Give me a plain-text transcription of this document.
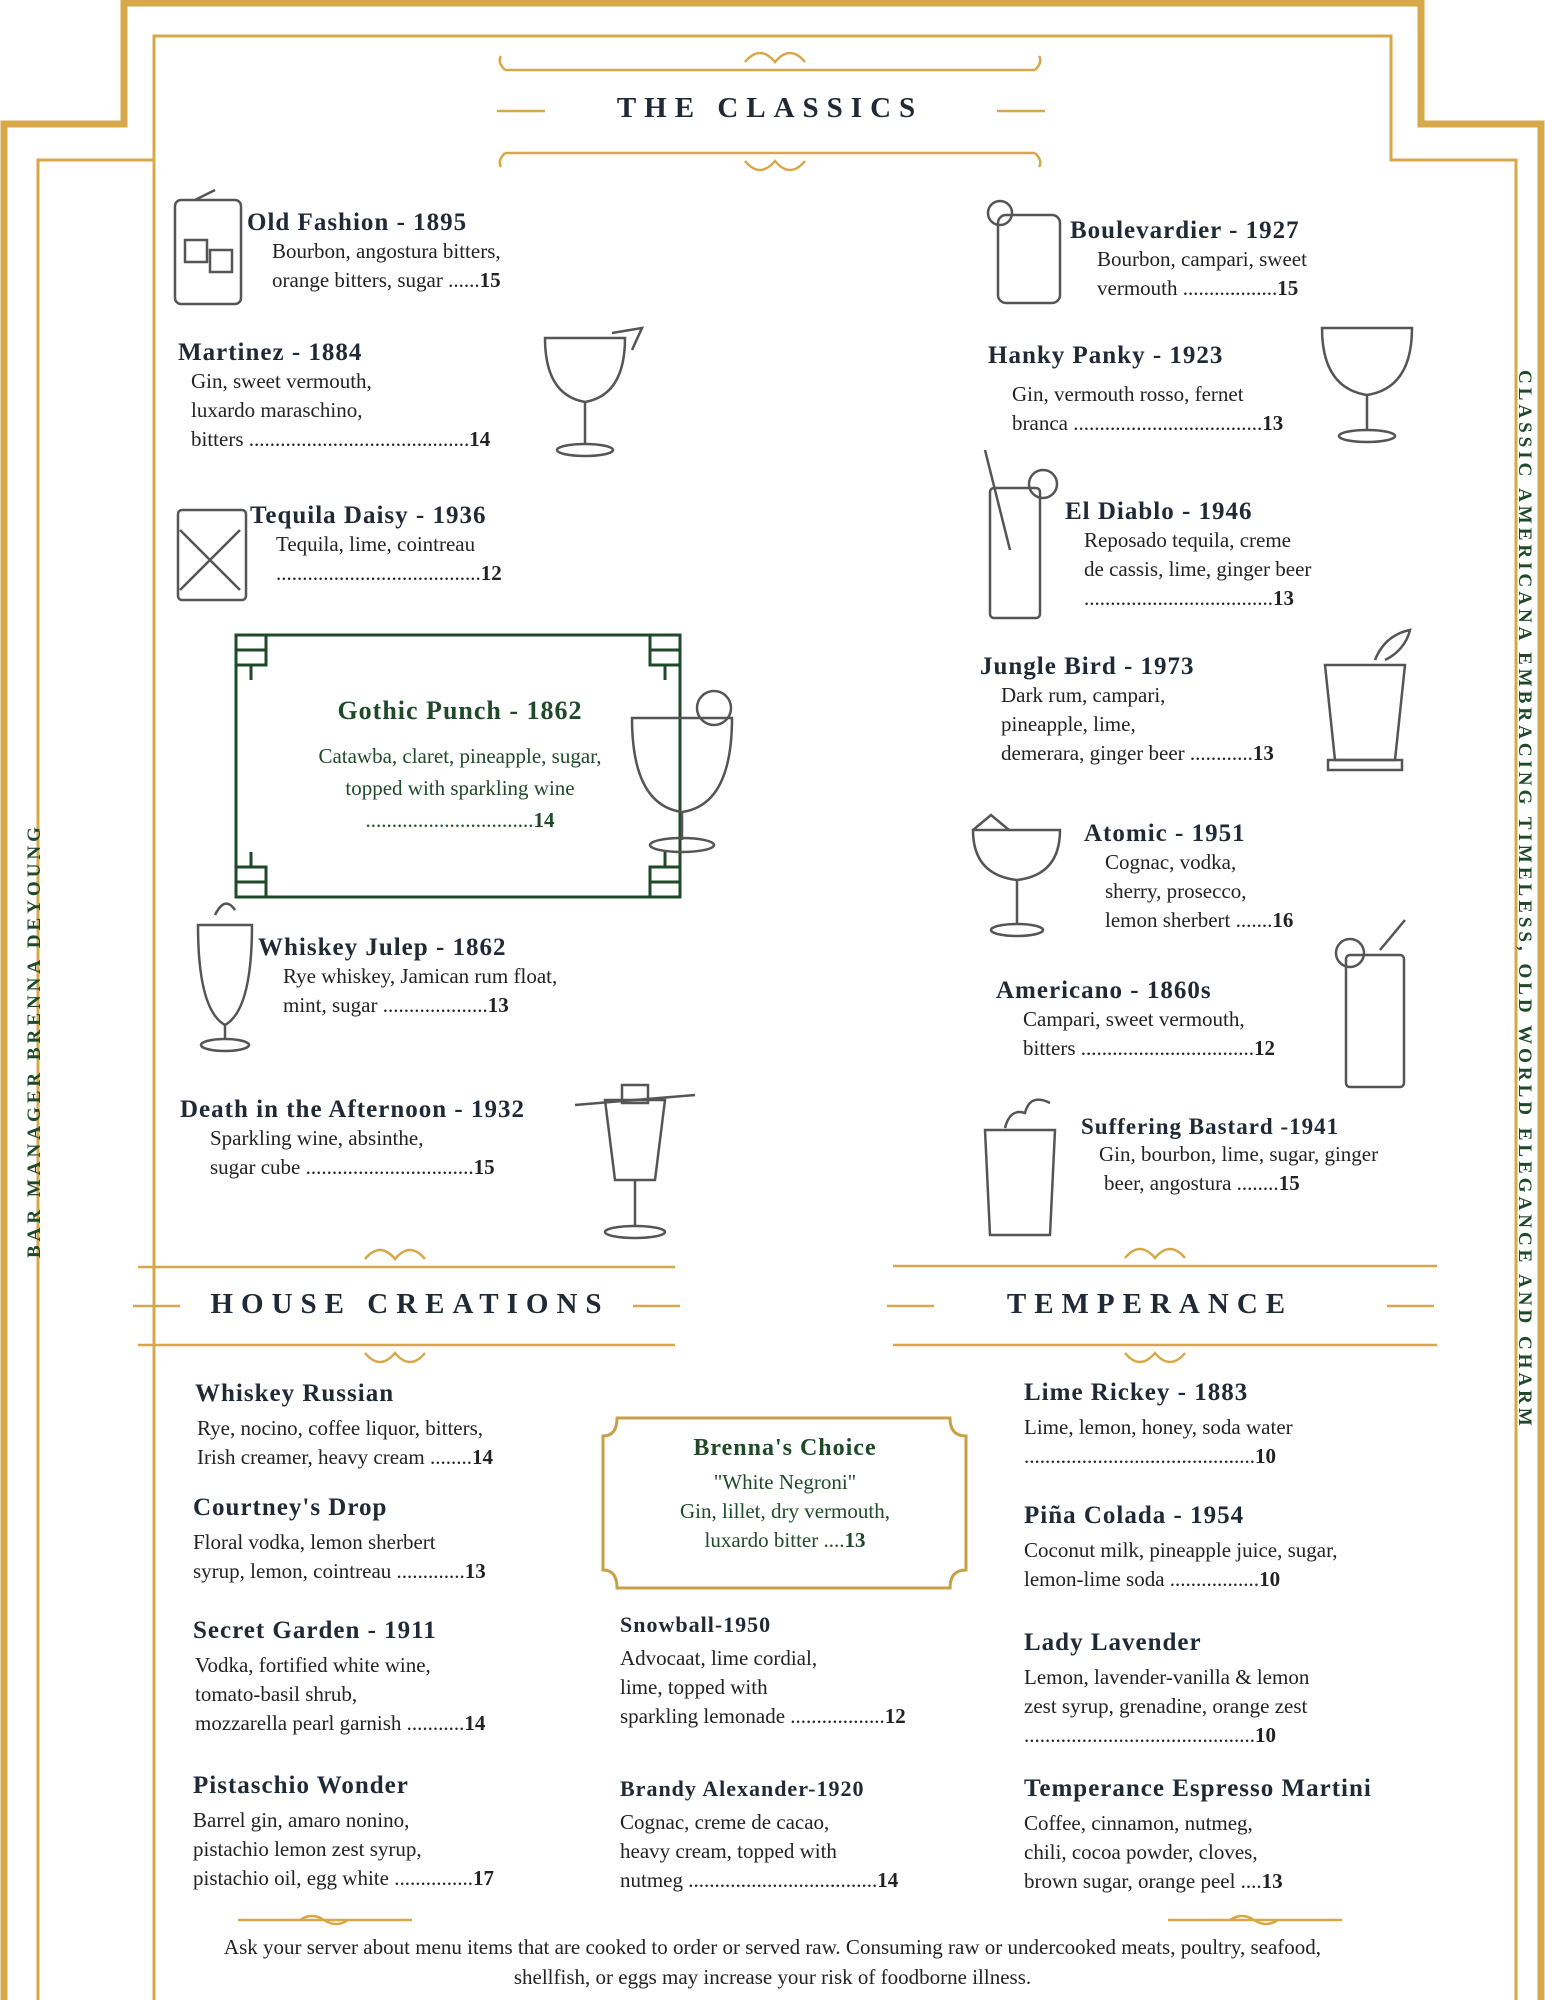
BAR MANAGER BRENNA DEYOUNG	CLASSIC AMERICANA EMBRACING TIMELESS, OLD WORLD ELEGANCE AND CHARM
THE CLASSICS
HOUSE CREATIONS	TEMPERANCE
Old Fashion - 1895
Bourbon, angostura bitters,
orange bitters, sugar ......15
Martinez - 1884
Gin, sweet vermouth,
luxardo maraschino,
bitters ..........................................14
Tequila Daisy - 1936
Tequila, lime, cointreau
.......................................12
Gothic Punch - 1862
Catawba, claret, pineapple, sugar,
topped with sparkling wine
................................14
Whiskey Julep - 1862
Rye whiskey, Jamican rum float,
mint, sugar ....................13
Death in the Afternoon - 1932
Sparkling wine, absinthe,
sugar cube ................................15
Boulevardier - 1927
Bourbon, campari, sweet
vermouth ..................15
Hanky Panky - 1923
Gin, vermouth rosso, fernet
branca ....................................13
El Diablo - 1946
Reposado tequila, creme
de cassis, lime, ginger beer
....................................13
Jungle Bird - 1973
Dark rum, campari,
pineapple, lime,
demerara, ginger beer ............13
Atomic - 1951
Cognac, vodka,
sherry, prosecco,
lemon sherbert .......16
Americano - 1860s
Campari, sweet vermouth,
bitters .................................12
Suffering Bastard -1941
Gin, bourbon, lime, sugar, ginger
beer, angostura ........15
Whiskey Russian
Rye, nocino, coffee liquor, bitters,
Irish creamer, heavy cream ........14
Courtney's Drop
Floral vodka, lemon sherbert
syrup, lemon, cointreau .............13
Secret Garden - 1911
Vodka, fortified white wine,
tomato-basil shrub,
mozzarella pearl garnish ...........14
Pistaschio Wonder
Barrel gin, amaro nonino,
pistachio lemon zest syrup,
pistachio oil, egg white ...............17
Brenna's Choice
"White Negroni"
Gin, lillet, dry vermouth,
luxardo bitter ....13
Snowball-1950
Advocaat, lime cordial,
lime, topped with
sparkling lemonade ..................12
Brandy Alexander-1920
Cognac, creme de cacao,
heavy cream, topped with
nutmeg ....................................14
Lime Rickey - 1883
Lime, lemon, honey, soda water
............................................10
Piña Colada - 1954
Coconut milk, pineapple juice, sugar,
lemon-lime soda .................10
Lady Lavender
Lemon, lavender-vanilla & lemon
zest syrup, grenadine, orange zest
............................................10
Temperance Espresso Martini
Coffee, cinnamon, nutmeg,
chili, cocoa powder, cloves,
brown sugar, orange peel ....13
Ask your server about menu items that are cooked to order or served raw. Consuming raw or undercooked meats, poultry, seafood,
shellfish, or eggs may increase your risk of foodborne illness.
